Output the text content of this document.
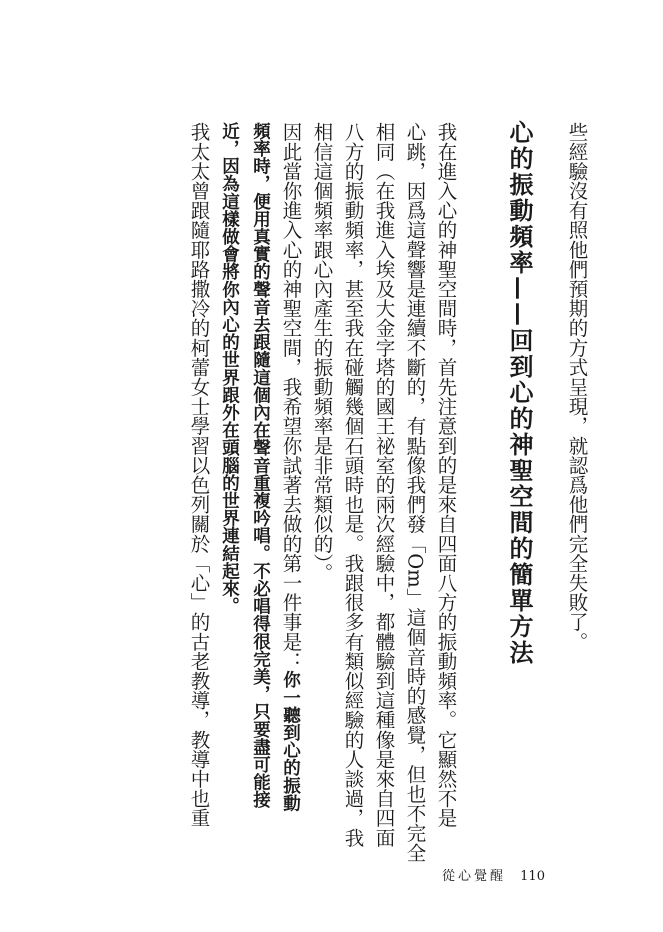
些經驗沒有照他們預期的方式呈現，就認爲他們完全失敗了。
心的振動頻率——回到心的神聖空間的簡單方法
我在進入心的神聖空間時，首先注意到的是來自四面八方的振動頻率。它顯然不是
心跳，因爲這聲響是連續不斷的，有點像我們發「Om」這個音時的感覺，但也不完全
相同（在我進入埃及大金字塔的國王祕室的兩次經驗中，都體驗到這種像是來自四面
八方的振動頻率，甚至我在碰觸幾個石頭時也是。我跟很多有類似經驗的人談過，我
相信這個頻率跟心內產生的振動頻率是非常類似的）。
因此當你進入心的神聖空間，我希望你試著去做的第一件事是：你一聽到心的振動
頻率時，便用真實的聲音去跟隨這個內在聲音重複吟唱。不必唱得很完美，只要盡可能接
近，因為這樣做會將你內心的世界跟外在頭腦的世界連結起來。
我太太曾跟隨耶路撒冷的柯蕾女士學習以色列關於「心」的古老教導，教導中也重
從心覺醒 110
